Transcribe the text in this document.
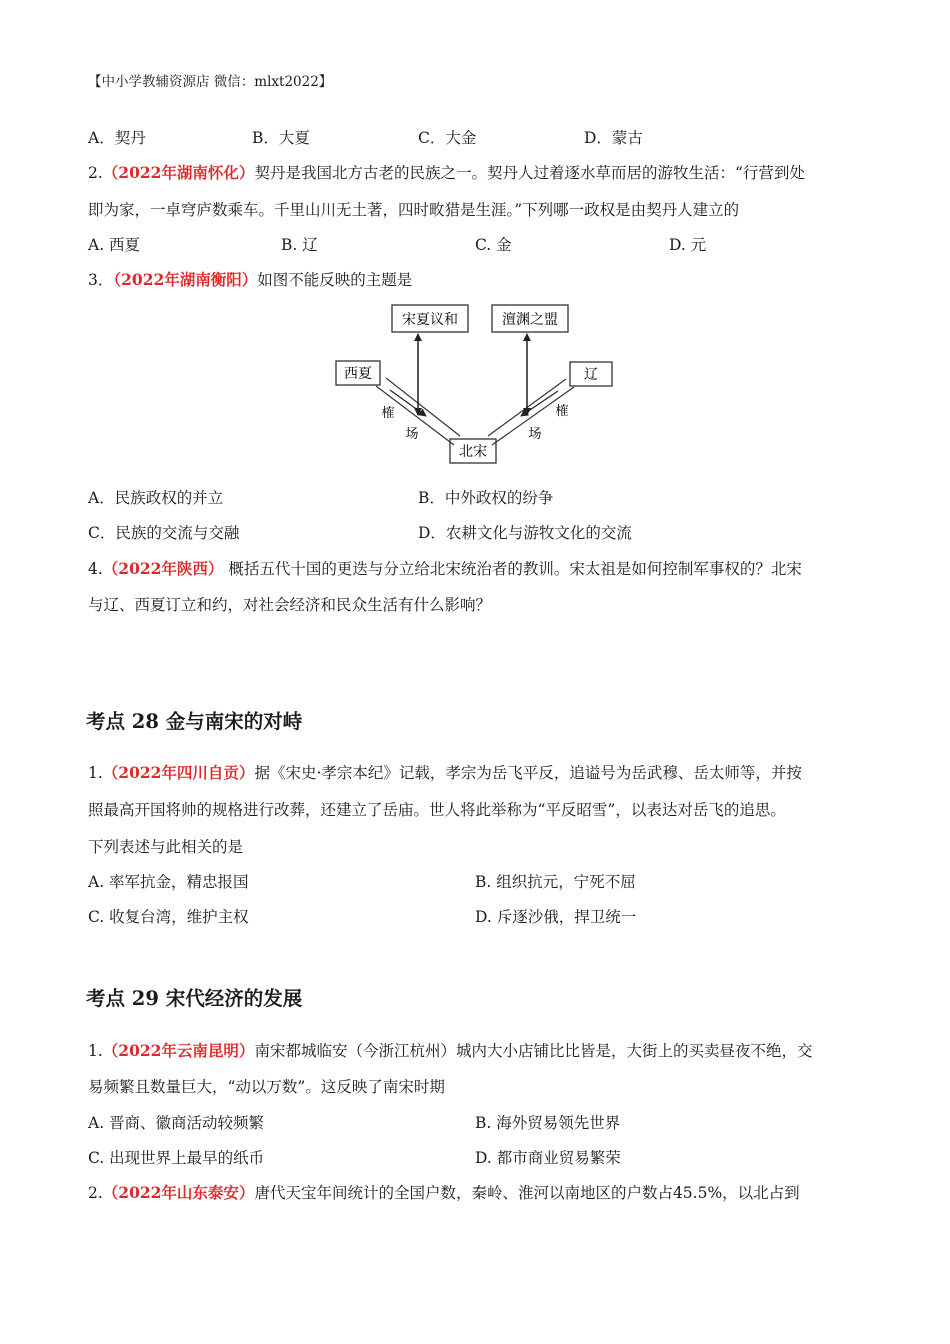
【中小学教辅资源店 微信：mlxt2022】
A．契丹	B．大夏	C．大金	D．蒙古
2.（2022年湖南怀化）契丹是我国北方古老的民族之一。契丹人过着逐水草而居的游牧生活：“行营到处
即为家，一卓穹庐数乘车。千里山川无土著，四时畋猎是生涯。”下列哪一政权是由契丹人建立的
A. 西夏	B. 辽	C. 金	D. 元
3．（2022年湖南衡阳）如图不能反映的主题是
宋夏议和	澶渊之盟
西夏	辽
北宋
榷
场
榷
场
A．民族政权的并立	B．中外政权的纷争
C．民族的交流与交融	D．农耕文化与游牧文化的交流
4.（2022年陕西） 概括五代十国的更迭与分立给北宋统治者的教训。宋太祖是如何控制军事权的？北宋
与辽、西夏订立和约，对社会经济和民众生活有什么影响？
考点 28 金与南宋的对峙
1.（2022年四川自贡）据《宋史·孝宗本纪》记载，孝宗为岳飞平反，追谥号为岳武穆、岳太师等，并按
照最高开国将帅的规格进行改葬，还建立了岳庙。世人将此举称为“平反昭雪”，以表达对岳飞的追思。
下列表述与此相关的是
A. 率军抗金，精忠报国	B. 组织抗元，宁死不屈
C. 收复台湾，维护主权	D. 斥逐沙俄，捍卫统一
考点 29 宋代经济的发展
1.（2022年云南昆明）南宋都城临安（今浙江杭州）城内大小店铺比比皆是，大街上的买卖昼夜不绝，交
易频繁且数量巨大，“动以万数”。这反映了南宋时期
A. 晋商、徽商活动较频繁	B. 海外贸易领先世界
C. 出现世界上最早的纸币	D. 都市商业贸易繁荣
2.（2022年山东泰安）唐代天宝年间统计的全国户数，秦岭、淮河以南地区的户数占45.5%，以北占到
